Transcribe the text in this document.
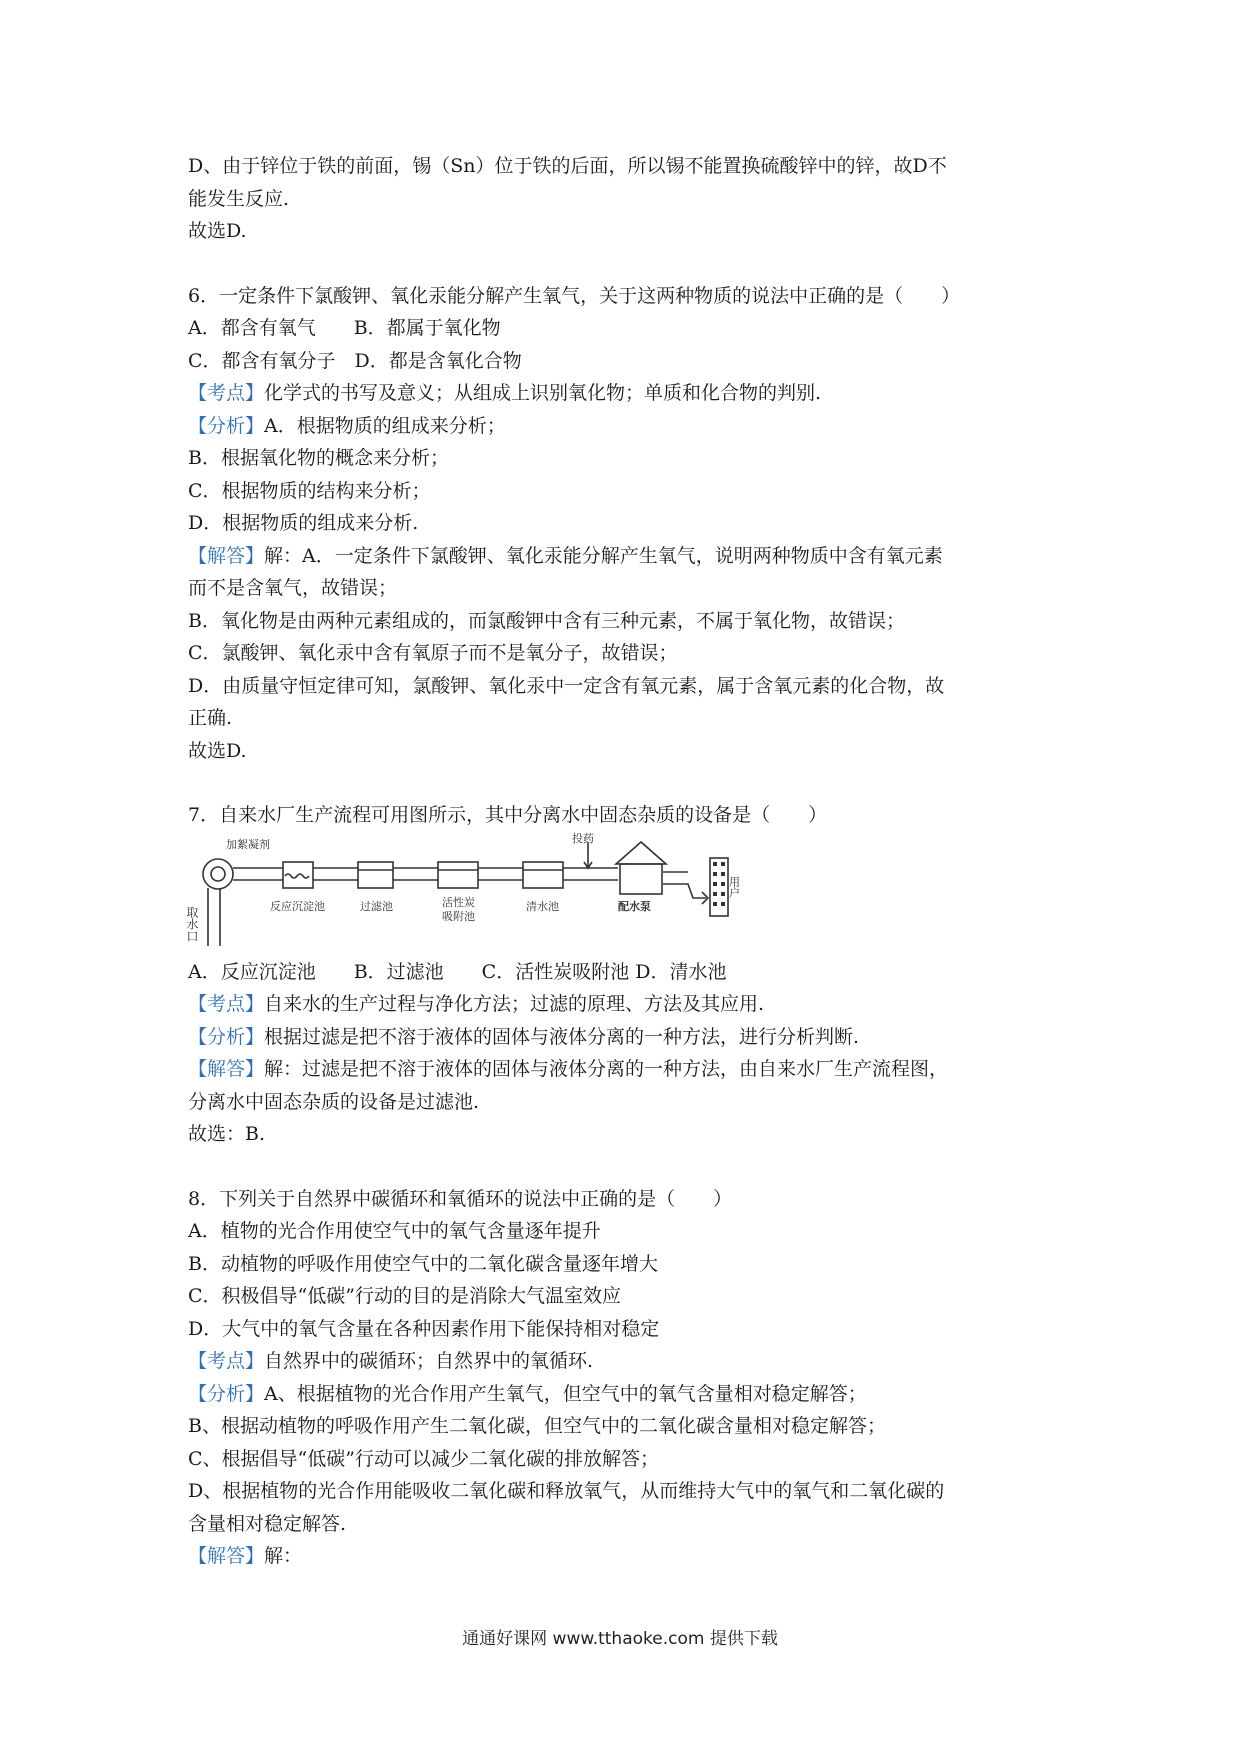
D、由于锌位于铁的前面，锡（Sn）位于铁的后面，所以锡不能置换硫酸锌中的锌，故D不
能发生反应.
故选D.
6．一定条件下氯酸钾、氧化汞能分解产生氧气，关于这两种物质的说法中正确的是（　　）
A．都含有氧气　　B．都属于氧化物
C．都含有氧分子　D．都是含氧化合物
【考点】化学式的书写及意义；从组成上识别氧化物；单质和化合物的判别.
【分析】A．根据物质的组成来分析；
B．根据氧化物的概念来分析；
C．根据物质的结构来分析；
D．根据物质的组成来分析.
【解答】解：A．一定条件下氯酸钾、氧化汞能分解产生氧气，说明两种物质中含有氧元素
而不是含氧气，故错误；
B．氧化物是由两种元素组成的，而氯酸钾中含有三种元素，不属于氧化物，故错误；
C．氯酸钾、氧化汞中含有氧原子而不是氧分子，故错误；
D．由质量守恒定律可知，氯酸钾、氧化汞中一定含有氧元素，属于含氧元素的化合物，故
正确.
故选D.
7．自来水厂生产流程可用图所示，其中分离水中固态杂质的设备是（　　）
加絮凝剂
取水口	反应沉淀池	过滤池	活性炭
吸附池
清水池
投药
配水泵
用户
A．反应沉淀池　　B．过滤池　　C．活性炭吸附池 D．清水池
【考点】自来水的生产过程与净化方法；过滤的原理、方法及其应用.
【分析】根据过滤是把不溶于液体的固体与液体分离的一种方法，进行分析判断.
【解答】解：过滤是把不溶于液体的固体与液体分离的一种方法，由自来水厂生产流程图，
分离水中固态杂质的设备是过滤池.
故选：B.
8．下列关于自然界中碳循环和氧循环的说法中正确的是（　　）
A．植物的光合作用使空气中的氧气含量逐年提升
B．动植物的呼吸作用使空气中的二氧化碳含量逐年增大
C．积极倡导“低碳”行动的目的是消除大气温室效应
D．大气中的氧气含量在各种因素作用下能保持相对稳定
【考点】自然界中的碳循环；自然界中的氧循环.
【分析】A、根据植物的光合作用产生氧气，但空气中的氧气含量相对稳定解答；
B、根据动植物的呼吸作用产生二氧化碳，但空气中的二氧化碳含量相对稳定解答；
C、根据倡导“低碳”行动可以减少二氧化碳的排放解答；
D、根据植物的光合作用能吸收二氧化碳和释放氧气，从而维持大气中的氧气和二氧化碳的
含量相对稳定解答.
【解答】解：
通通好课网 www.tthaoke.com 提供下载
